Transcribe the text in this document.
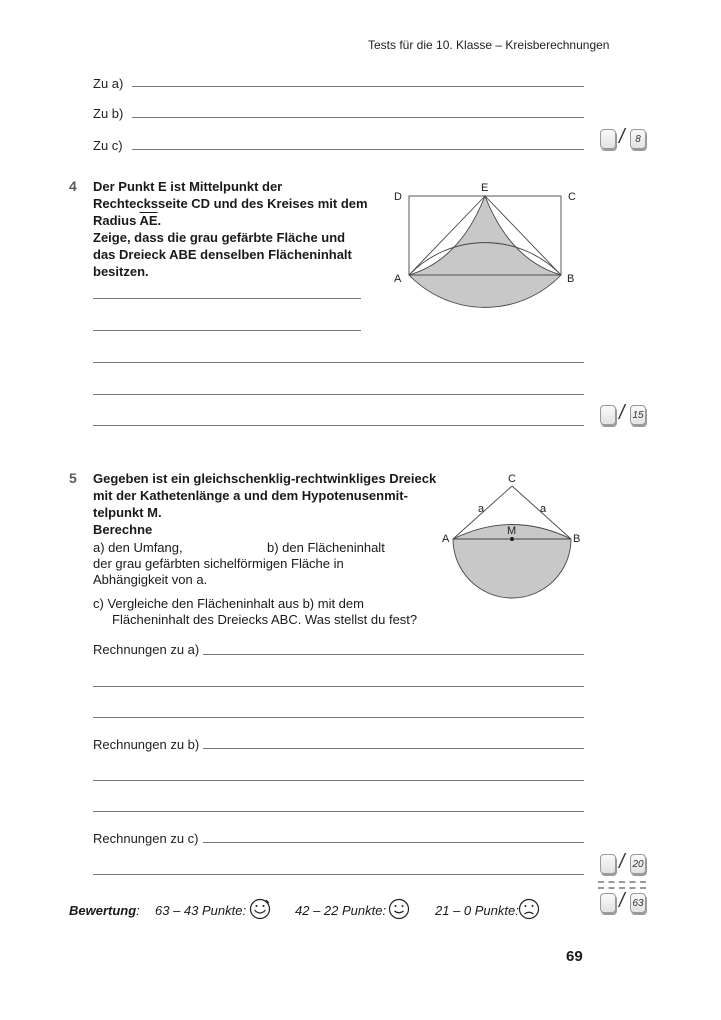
Tests für die 10. Klasse – Kreisberechnungen
Zu a)
Zu b)
Zu c)	/	8
4 Der Punkt E ist Mittelpunkt der
Rechtecksseite CD und des Kreises mit dem
Radius $\overline{AE}$.
Zeige, dass die grau gefärbte Fläche und
das Dreieck ABE denselben Flächeninhalt
besitzen.
D
E
C
A	B
/ 15
5 Gegeben ist ein gleichschenklig-rechtwinkliges Dreieck
mit der Kathetenlänge a und dem Hypotenusenmit-
telpunkt M.
Berechne
a) den Umfang,	b) den Flächeninhalt
der grau gefärbten sichelförmigen Fläche in
Abhängigkeit von a.
c) Vergleiche den Flächeninhalt aus b) mit dem
Flächeninhalt des Dreiecks ABC. Was stellst du fest?
C
a	a
M
A	B
Rechnungen zu a)
Rechnungen zu b)
Rechnungen zu c)
/ 20
/ 63
Bewertung: 63 – 43 Punkte:	42 – 22 Punkte:	21 – 0 Punkte:
69
